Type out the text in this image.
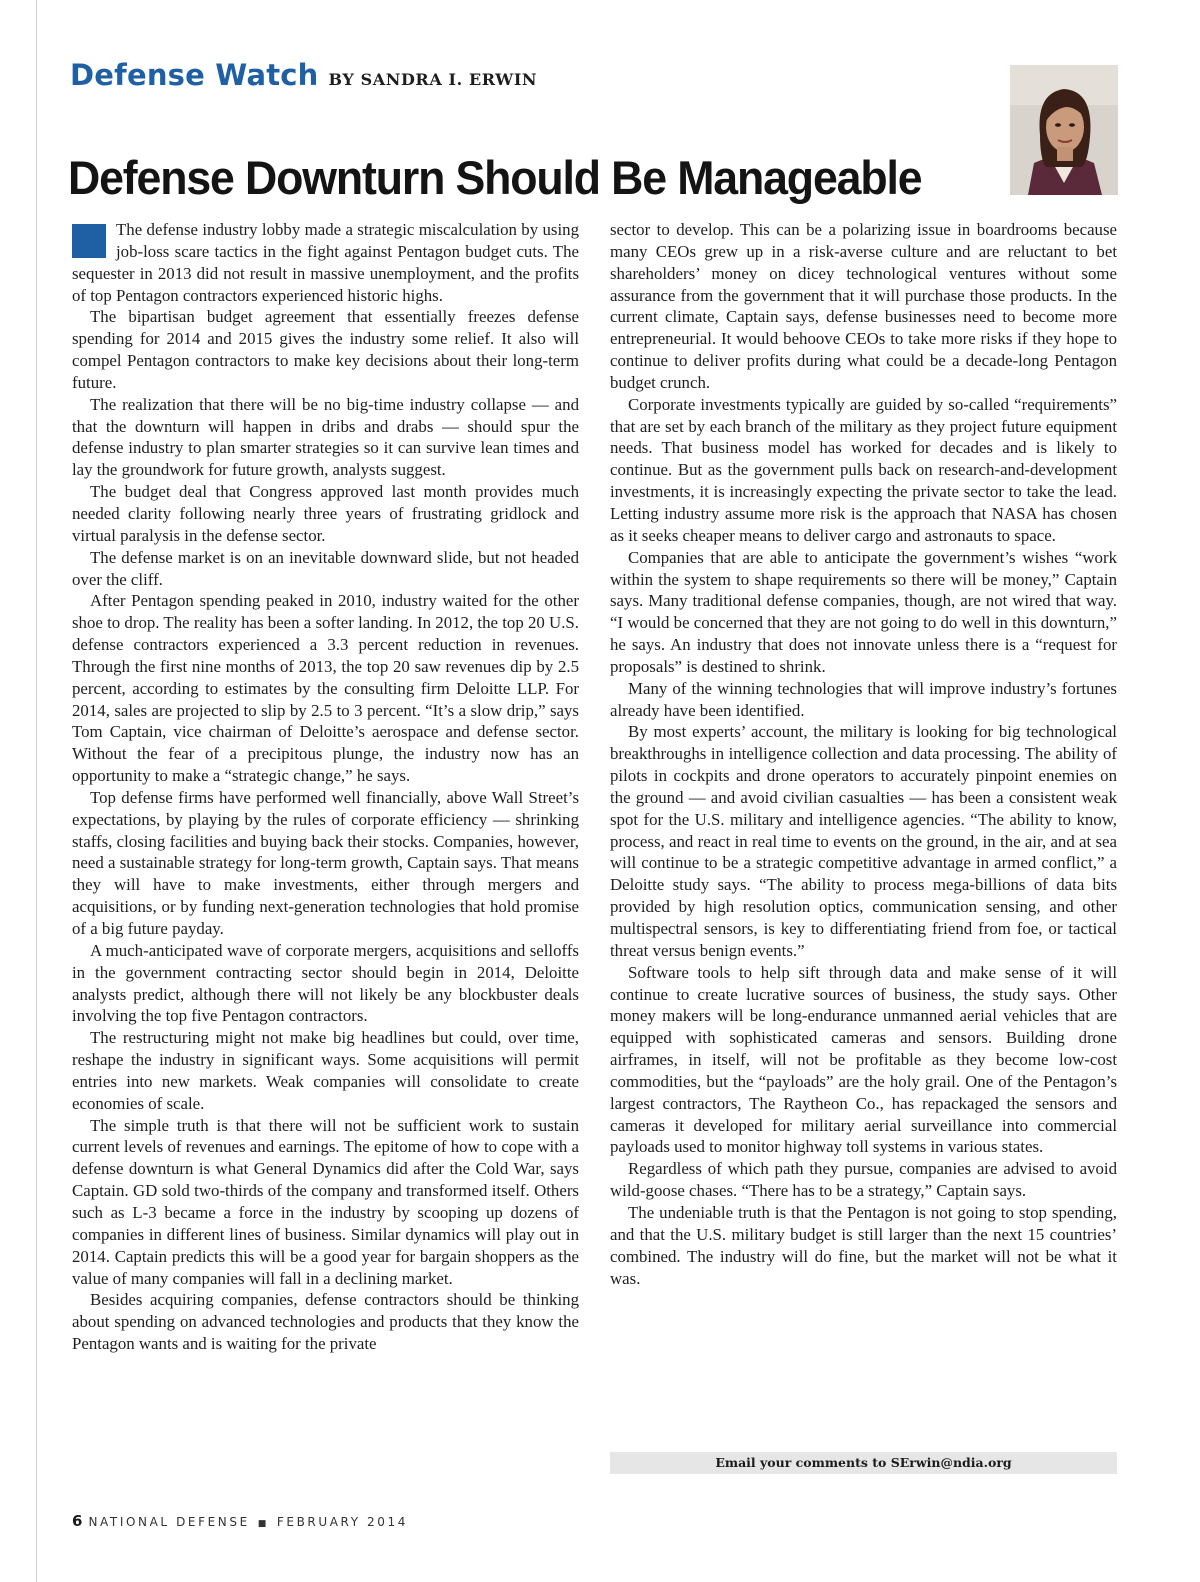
Defense Watch BY SANDRA I. ERWIN
Defense Downturn Should Be Manageable

The defense industry lobby made a strategic miscalculation by using job-loss scare tactics in the fight against Pentagon budget cuts. The sequester in 2013 did not result in massive unemployment, and the profits of top Pentagon contractors experienced historic highs.

The bipartisan budget agreement that essentially freezes defense spending for 2014 and 2015 gives the industry some relief. It also will compel Pentagon contractors to make key decisions about their long-term future.

The realization that there will be no big-time industry collapse — and that the downturn will happen in dribs and drabs — should spur the defense industry to plan smarter strategies so it can survive lean times and lay the groundwork for future growth, analysts suggest.

The budget deal that Congress approved last month provides much needed clarity following nearly three years of frustrating gridlock and virtual paralysis in the defense sector.

The defense market is on an inevitable downward slide, but not headed over the cliff.

After Pentagon spending peaked in 2010, industry waited for the other shoe to drop. The reality has been a softer landing. In 2012, the top 20 U.S. defense contractors experienced a 3.3 percent reduction in revenues. Through the first nine months of 2013, the top 20 saw revenues dip by 2.5 percent, according to estimates by the consulting firm Deloitte LLP. For 2014, sales are projected to slip by 2.5 to 3 percent. “It’s a slow drip,” says Tom Captain, vice chairman of Deloitte’s aerospace and defense sector. Without the fear of a precipitous plunge, the industry now has an opportunity to make a “strategic change,” he says.

Top defense firms have performed well financially, above Wall Street’s expectations, by playing by the rules of corporate efficiency — shrinking staffs, closing facilities and buying back their stocks. Companies, however, need a sustainable strategy for long-term growth, Captain says. That means they will have to make investments, either through mergers and acquisitions, or by funding next-generation technologies that hold promise of a big future payday.

A much-anticipated wave of corporate mergers, acquisitions and selloffs in the government contracting sector should begin in 2014, Deloitte analysts predict, although there will not likely be any blockbuster deals involving the top five Pentagon contractors.

The restructuring might not make big headlines but could, over time, reshape the industry in significant ways. Some acquisitions will permit entries into new markets. Weak companies will consolidate to create economies of scale.

The simple truth is that there will not be sufficient work to sustain current levels of revenues and earnings. The epitome of how to cope with a defense downturn is what General Dynamics did after the Cold War, says Captain. GD sold two-thirds of the company and transformed itself. Others such as L-3 became a force in the industry by scooping up dozens of companies in different lines of business. Similar dynamics will play out in 2014. Captain predicts this will be a good year for bargain shoppers as the value of many companies will fall in a declining market.

Besides acquiring companies, defense contractors should be thinking about spending on advanced technologies and products that they know the Pentagon wants and is waiting for the private

sector to develop. This can be a polarizing issue in boardrooms because many CEOs grew up in a risk-averse culture and are reluctant to bet shareholders’ money on dicey technological ventures without some assurance from the government that it will purchase those products. In the current climate, Captain says, defense businesses need to become more entrepreneurial. It would behoove CEOs to take more risks if they hope to continue to deliver profits during what could be a decade-long Pentagon budget crunch.

Corporate investments typically are guided by so-called “requirements” that are set by each branch of the military as they project future equipment needs. That business model has worked for decades and is likely to continue. But as the government pulls back on research-and-development investments, it is increasingly expecting the private sector to take the lead. Letting industry assume more risk is the approach that NASA has chosen as it seeks cheaper means to deliver cargo and astronauts to space.

Companies that are able to anticipate the government’s wishes “work within the system to shape requirements so there will be money,” Captain says. Many traditional defense companies, though, are not wired that way. “I would be concerned that they are not going to do well in this downturn,” he says. An industry that does not innovate unless there is a “request for proposals” is destined to shrink.

Many of the winning technologies that will improve industry’s fortunes already have been identified.

By most experts’ account, the military is looking for big technological breakthroughs in intelligence collection and data processing. The ability of pilots in cockpits and drone operators to accurately pinpoint enemies on the ground — and avoid civilian casualties — has been a consistent weak spot for the U.S. military and intelligence agencies. “The ability to know, process, and react in real time to events on the ground, in the air, and at sea will continue to be a strategic competitive advantage in armed conflict,” a Deloitte study says. “The ability to process mega-billions of data bits provided by high resolution optics, communication sensing, and other multispectral sensors, is key to differentiating friend from foe, or tactical threat versus benign events.”

Software tools to help sift through data and make sense of it will continue to create lucrative sources of business, the study says. Other money makers will be long-endurance unmanned aerial vehicles that are equipped with sophisticated cameras and sensors. Building drone airframes, in itself, will not be profitable as they become low-cost commodities, but the “payloads” are the holy grail. One of the Pentagon’s largest contractors, The Raytheon Co., has repackaged the sensors and cameras it developed for military aerial surveillance into commercial payloads used to monitor highway toll systems in various states.

Regardless of which path they pursue, companies are advised to avoid wild-goose chases. “There has to be a strategy,” Captain says.

The undeniable truth is that the Pentagon is not going to stop spending, and that the U.S. military budget is still larger than the next 15 countries’ combined. The industry will do fine, but the market will not be what it was.

Email your comments to SErwin@ndia.org
6 NATIONAL DEFENSE ■ FEBRUARY 2014
